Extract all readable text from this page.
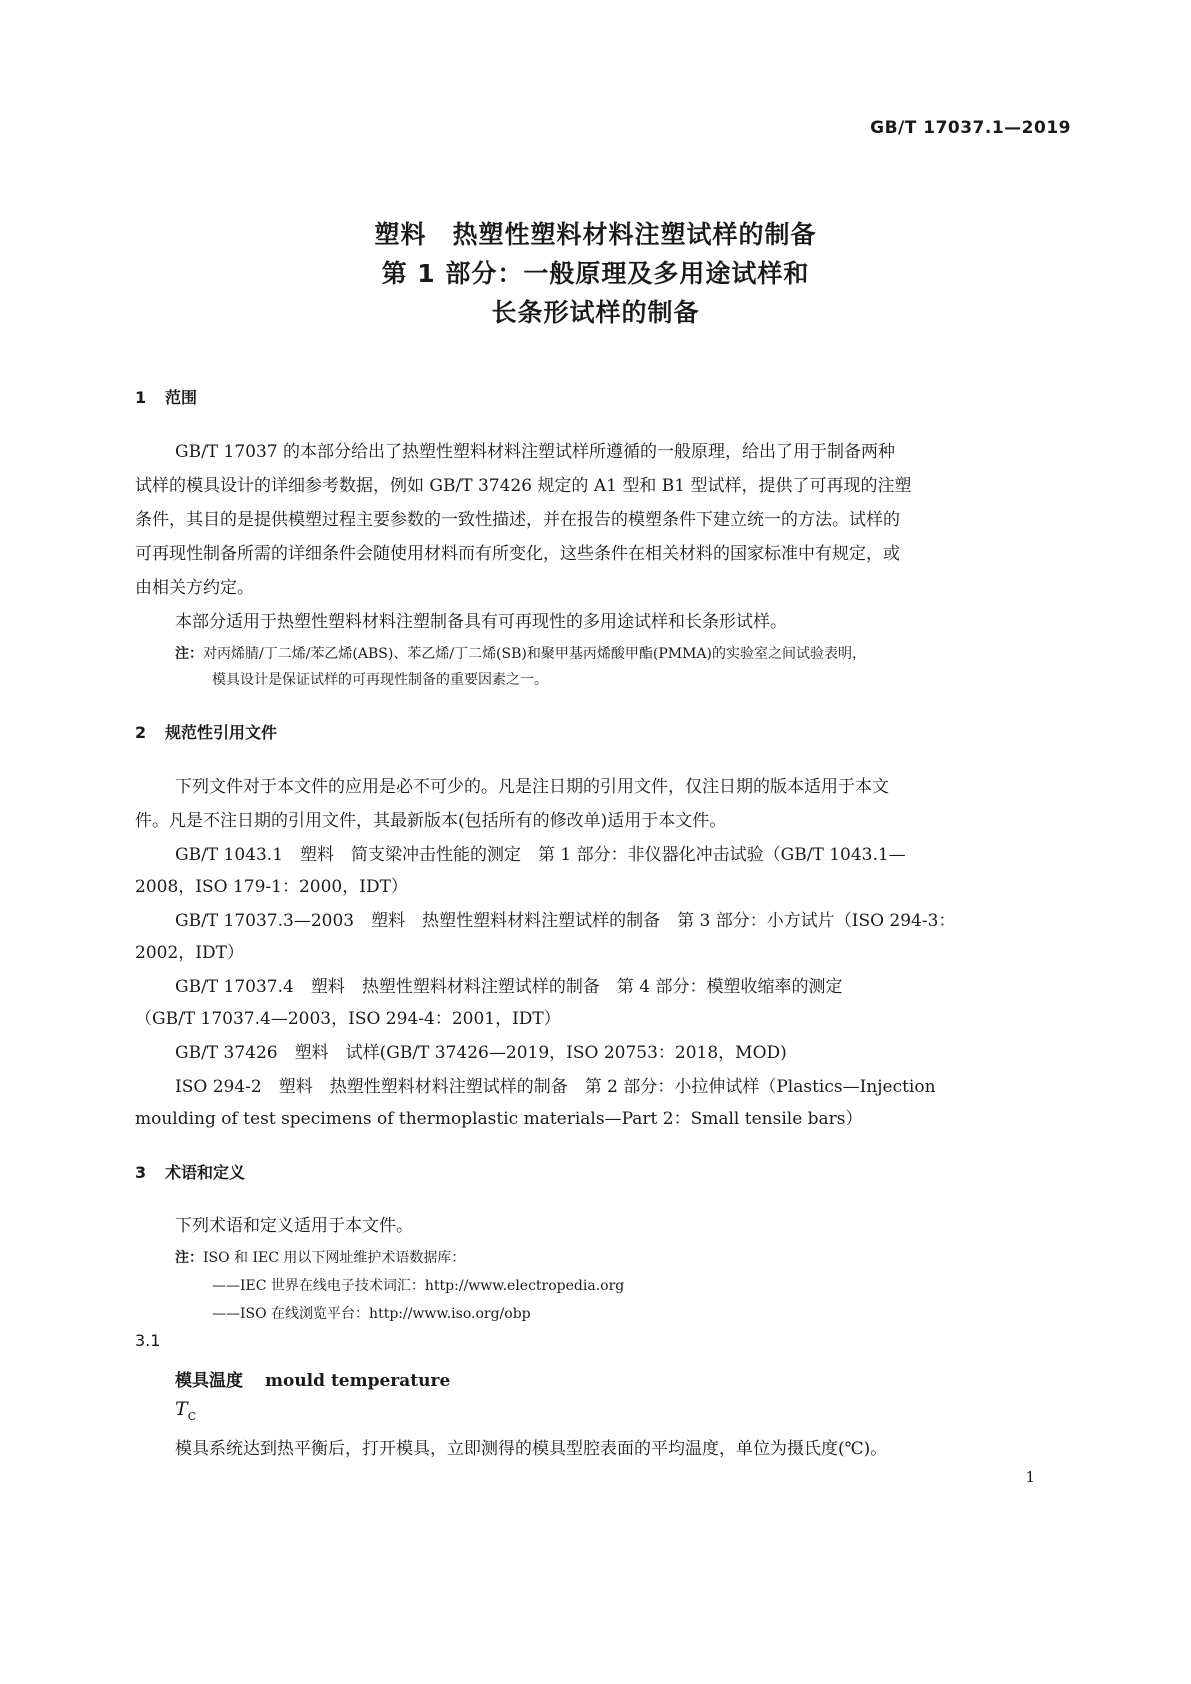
GB/T 17037.1—2019
塑料　热塑性塑料材料注塑试样的制备
第 1 部分：一般原理及多用途试样和
长条形试样的制备
1 范围
GB/T 17037 的本部分给出了热塑性塑料材料注塑试样所遵循的一般原理，给出了用于制备两种
试样的模具设计的详细参考数据，例如 GB/T 37426 规定的 A1 型和 B1 型试样，提供了可再现的注塑
条件，其目的是提供模塑过程主要参数的一致性描述，并在报告的模塑条件下建立统一的方法。试样的
可再现性制备所需的详细条件会随使用材料而有所变化，这些条件在相关材料的国家标准中有规定，或
由相关方约定。
本部分适用于热塑性塑料材料注塑制备具有可再现性的多用途试样和长条形试样。
注：对丙烯腈/丁二烯/苯乙烯(ABS)、苯乙烯/丁二烯(SB)和聚甲基丙烯酸甲酯(PMMA)的实验室之间试验表明，
模具设计是保证试样的可再现性制备的重要因素之一。
2 规范性引用文件
下列文件对于本文件的应用是必不可少的。凡是注日期的引用文件，仅注日期的版本适用于本文
件。凡是不注日期的引用文件，其最新版本(包括所有的修改单)适用于本文件。
GB/T 1043.1　塑料　简支梁冲击性能的测定　第 1 部分：非仪器化冲击试验（GB/T 1043.1—
2008，ISO 179-1：2000，IDT）
GB/T 17037.3—2003　塑料　热塑性塑料材料注塑试样的制备　第 3 部分：小方试片（ISO 294-3：
2002，IDT）
GB/T 17037.4　塑料　热塑性塑料材料注塑试样的制备　第 4 部分：模塑收缩率的测定
（GB/T 17037.4—2003，ISO 294-4：2001，IDT）
GB/T 37426　塑料　试样(GB/T 37426—2019，ISO 20753：2018，MOD)
ISO 294-2　塑料　热塑性塑料材料注塑试样的制备　第 2 部分：小拉伸试样（Plastics—Injection
moulding of test specimens of thermoplastic materials—Part 2：Small tensile bars）
3 术语和定义
下列术语和定义适用于本文件。
注：ISO 和 IEC 用以下网址维护术语数据库：
——IEC 世界在线电子技术词汇：http://www.electropedia.org
——ISO 在线浏览平台：http://www.iso.org/obp
3.1
模具温度 mould temperature
$T_C$
模具系统达到热平衡后，打开模具，立即测得的模具型腔表面的平均温度，单位为摄氏度(℃)。
1
